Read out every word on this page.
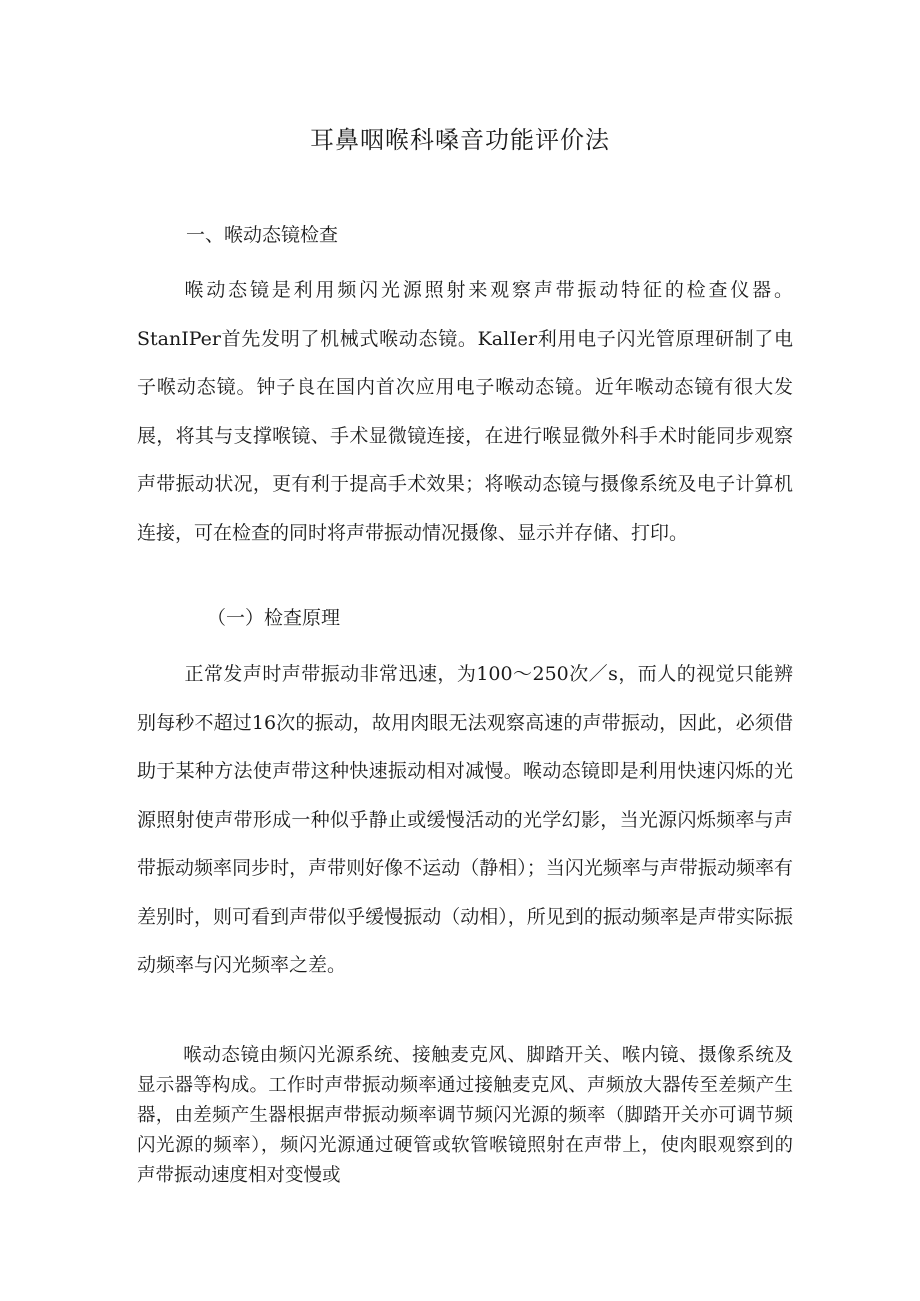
耳鼻咽喉科嗓音功能评价法
一、喉动态镜检查

喉动态镜是利用频闪光源照射来观察声带振动特征的检查仪器。StanIPer首先发明了机械式喉动态镜。KalIer利用电子闪光管原理研制了电子喉动态镜。钟子良在国内首次应用电子喉动态镜。近年喉动态镜有很大发展，将其与支撑喉镜、手术显微镜连接，在进行喉显微外科手术时能同步观察声带振动状况，更有利于提高手术效果；将喉动态镜与摄像系统及电子计算机连接，可在检查的同时将声带振动情况摄像、显示并存储、打印。

（一）检查原理

正常发声时声带振动非常迅速，为100～250次／s，而人的视觉只能辨别每秒不超过16次的振动，故用肉眼无法观察高速的声带振动，因此，必须借助于某种方法使声带这种快速振动相对减慢。喉动态镜即是利用快速闪烁的光源照射使声带形成一种似乎静止或缓慢活动的光学幻影，当光源闪烁频率与声带振动频率同步时，声带则好像不运动（静相）；当闪光频率与声带振动频率有差别时，则可看到声带似乎缓慢振动（动相），所见到的振动频率是声带实际振动频率与闪光频率之差。

喉动态镜由频闪光源系统、接触麦克风、脚踏开关、喉内镜、摄像系统及显示器等构成。工作时声带振动频率通过接触麦克风、声频放大器传至差频产生器，由差频产生器根据声带振动频率调节频闪光源的频率（脚踏开关亦可调节频闪光源的频率），频闪光源通过硬管或软管喉镜照射在声带上，使肉眼观察到的声带振动速度相对变慢或
